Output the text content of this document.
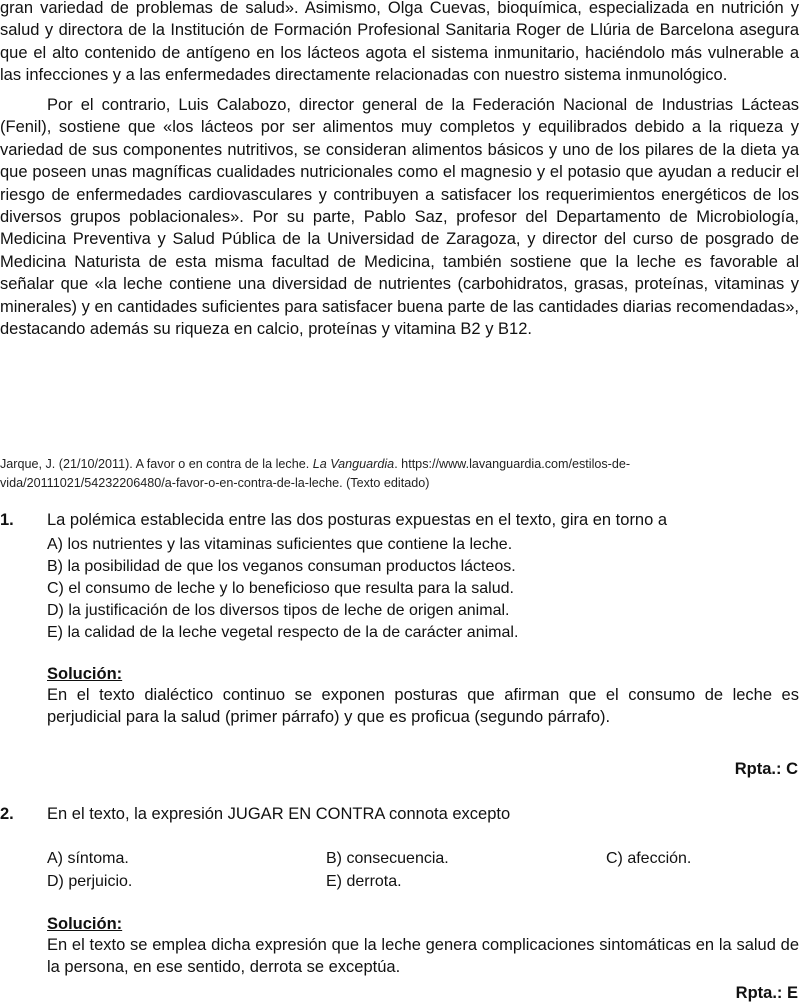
gran variedad de problemas de salud». Asimismo, Olga Cuevas, bioquímica, especializada en nutrición y salud y directora de la Institución de Formación Profesional Sanitaria Roger de Llúria de Barcelona asegura que el alto contenido de antígeno en los lácteos agota el sistema inmunitario, haciéndolo más vulnerable a las infecciones y a las enfermedades directamente relacionadas con nuestro sistema inmunológico.

Por el contrario, Luis Calabozo, director general de la Federación Nacional de Industrias Lácteas (Fenil), sostiene que «los lácteos por ser alimentos muy completos y equilibrados debido a la riqueza y variedad de sus componentes nutritivos, se consideran alimentos básicos y uno de los pilares de la dieta ya que poseen unas magníficas cualidades nutricionales como el magnesio y el potasio que ayudan a reducir el riesgo de enfermedades cardiovasculares y contribuyen a satisfacer los requerimientos energéticos de los diversos grupos poblacionales». Por su parte, Pablo Saz, profesor del Departamento de Microbiología, Medicina Preventiva y Salud Pública de la Universidad de Zaragoza, y director del curso de posgrado de Medicina Naturista de esta misma facultad de Medicina, también sostiene que la leche es favorable al señalar que «la leche contiene una diversidad de nutrientes (carbohidratos, grasas, proteínas, vitaminas y minerales) y en cantidades suficientes para satisfacer buena parte de las cantidades diarias recomendadas», destacando además su riqueza en calcio, proteínas y vitamina B2 y B12.

Jarque, J. (21/10/2011). A favor o en contra de la leche. La Vanguardia. https://www.lavanguardia.com/estilos-de-vida/20111021/54232206480/a-favor-o-en-contra-de-la-leche. (Texto editado)

1. La polémica establecida entre las dos posturas expuestas en el texto, gira en torno a

A) los nutrientes y las vitaminas suficientes que contiene la leche.
B) la posibilidad de que los veganos consuman productos lácteos.
C) el consumo de leche y lo beneficioso que resulta para la salud.
D) la justificación de los diversos tipos de leche de origen animal.
E) la calidad de la leche vegetal respecto de la de carácter animal.

Solución:

En el texto dialéctico continuo se exponen posturas que afirman que el consumo de leche es perjudicial para la salud (primer párrafo) y que es proficua (segundo párrafo).

Rpta.: C

2. En el texto, la expresión JUGAR EN CONTRA connota excepto

A) síntoma.	B) consecuencia.	C) afección.
D) perjuicio.	E) derrota.

Solución:

En el texto se emplea dicha expresión que la leche genera complicaciones sintomáticas en la salud de la persona, en ese sentido, derrota se exceptúa.

Rpta.: E
